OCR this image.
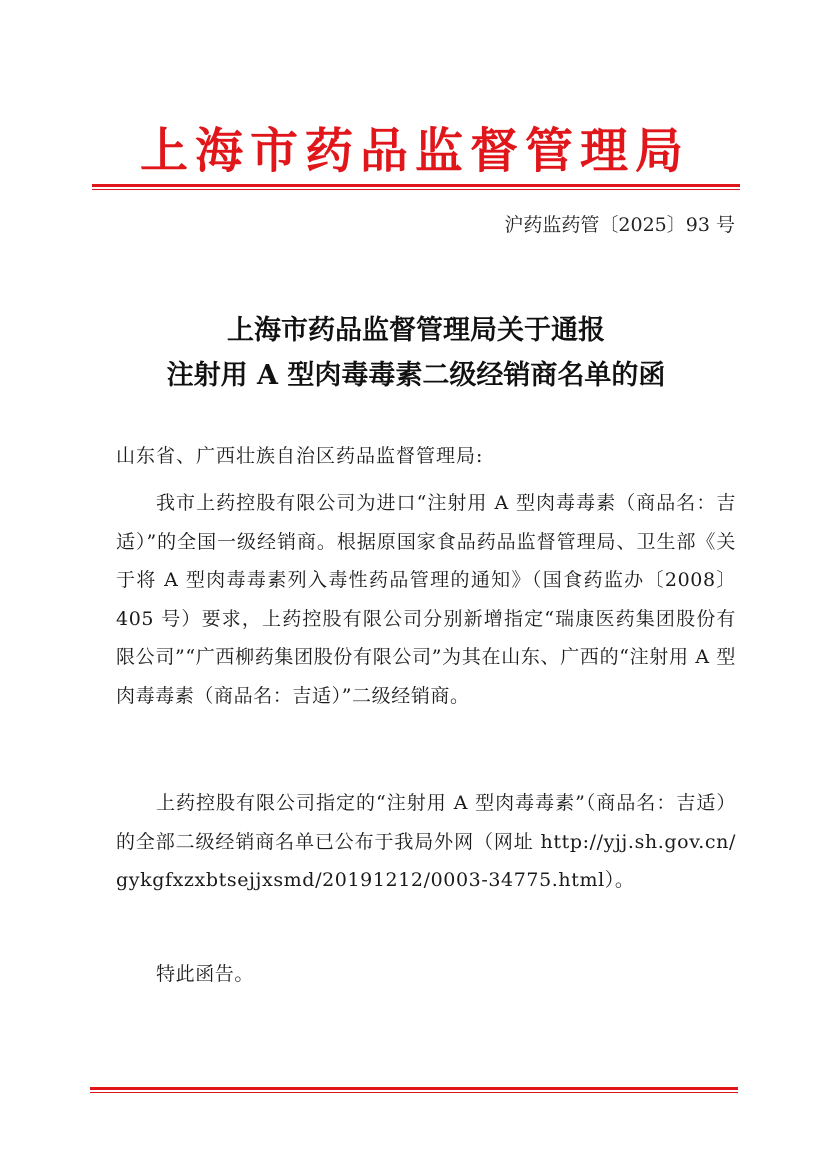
上海市药品监督管理局
沪药监药管〔2025〕93 号
上海市药品监督管理局关于通报
注射用 A 型肉毒毒素二级经销商名单的函
山东省、广西壮族自治区药品监督管理局:
我市上药控股有限公司为进口“注射用 A 型肉毒毒素（商品名：吉适）”的全国一级经销商。根据原国家食品药品监督管理局、卫生部《关于将 A 型肉毒毒素列入毒性药品管理的通知》（国食药监办〔2008〕405 号）要求，上药控股有限公司分别新增指定“瑞康医药集团股份有限公司”“广西柳药集团股份有限公司”为其在山东、广西的“注射用 A 型肉毒毒素（商品名：吉适）”二级经销商。
上药控股有限公司指定的“注射用 A 型肉毒毒素”（商品名：吉适）的全部二级经销商名单已公布于我局外网（网址 http://yjj.sh.gov.cn/gykgfxzxbtsejjxsmd/20191212/0003-34775.html）。
特此函告。
